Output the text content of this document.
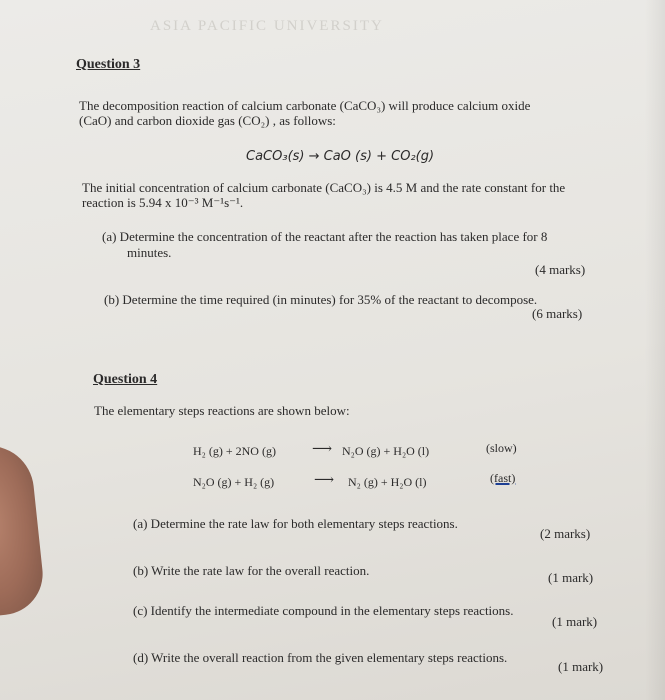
ASIA PACIFIC UNIVERSITY
Question 3
The decomposition reaction of calcium carbonate (CaCO₃) will produce calcium oxide
(CaO) and carbon dioxide gas (CO₂) , as follows:
CaCO₃(s) → CaO (s) + CO₂(g)
The initial concentration of calcium carbonate (CaCO₃) is 4.5 M and the rate constant for the
reaction is 5.94 x 10⁻³ M⁻¹s⁻¹.
(a) Determine the concentration of the reactant after the reaction has taken place for 8
minutes.
(4 marks)
(b) Determine the time required (in minutes) for 35% of the reactant to decompose.
(6 marks)
Question 4
The elementary steps reactions are shown below:
H₂ (g) + 2NO (g)	⟶ N₂O (g) + H₂O (l)	(slow)
N₂O (g) + H₂ (g)	⟶ N₂ (g) + H₂O (l)	(fast)
(a) Determine the rate law for both elementary steps reactions.
(2 marks)
(b) Write the rate law for the overall reaction.	(1 mark)
(c) Identify the intermediate compound in the elementary steps reactions.
(1 mark)
(d) Write the overall reaction from the given elementary steps reactions.
(1 mark)
